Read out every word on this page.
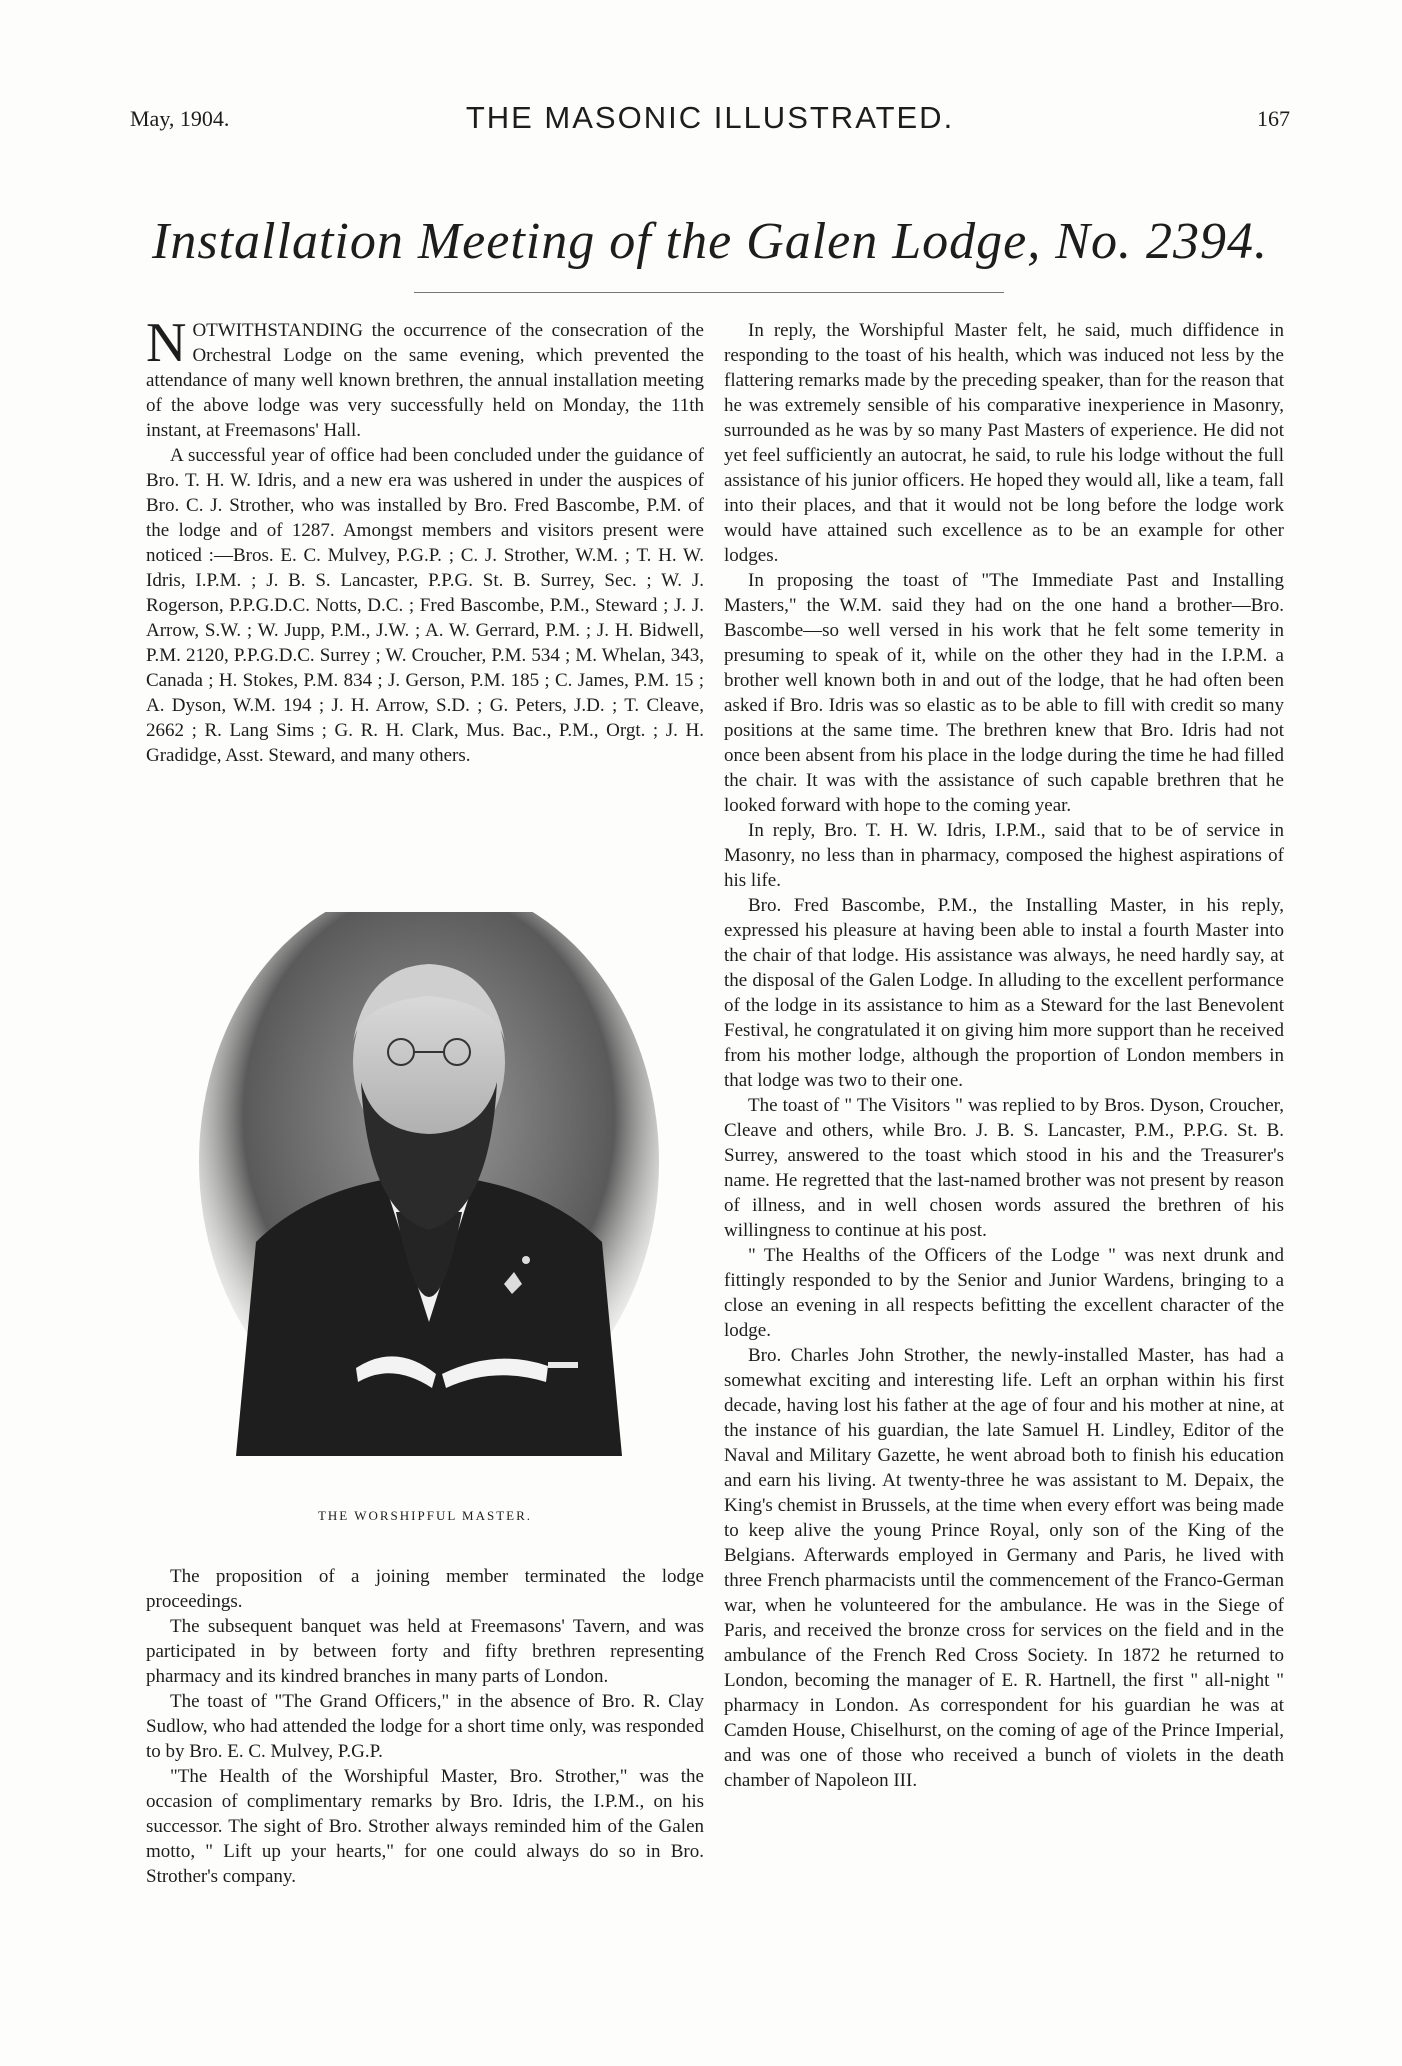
May, 1904.	THE MASONIC ILLUSTRATED.	167
Installation Meeting of the Galen Lodge, No. 2394.

NOTWITHSTANDING the occurrence of the consecration of the Orchestral Lodge on the same evening, which prevented the attendance of many well known brethren, the annual installation meeting of the above lodge was very successfully held on Monday, the 11th instant, at Freemasons' Hall.

A successful year of office had been concluded under the guidance of Bro. T. H. W. Idris, and a new era was ushered in under the auspices of Bro. C. J. Strother, who was installed by Bro. Fred Bascombe, P.M. of the lodge and of 1287. Amongst members and visitors present were noticed :—Bros. E. C. Mulvey, P.G.P. ; C. J. Strother, W.M. ; T. H. W. Idris, I.P.M. ; J. B. S. Lancaster, P.P.G. St. B. Surrey, Sec. ; W. J. Rogerson, P.P.G.D.C. Notts, D.C. ; Fred Bascombe, P.M., Steward ; J. J. Arrow, S.W. ; W. Jupp, P.M., J.W. ; A. W. Gerrard, P.M. ; J. H. Bidwell, P.M. 2120, P.P.G.D.C. Surrey ; W. Croucher, P.M. 534 ; M. Whelan, 343, Canada ; H. Stokes, P.M. 834 ; J. Gerson, P.M. 185 ; C. James, P.M. 15 ; A. Dyson, W.M. 194 ; J. H. Arrow, S.D. ; G. Peters, J.D. ; T. Cleave, 2662 ; R. Lang Sims ; G. R. H. Clark, Mus. Bac., P.M., Orgt. ; J. H. Gradidge, Asst. Steward, and many others.

THE WORSHIPFUL MASTER.

The proposition of a joining member terminated the lodge proceedings.

The subsequent banquet was held at Freemasons' Tavern, and was participated in by between forty and fifty brethren representing pharmacy and its kindred branches in many parts of London.

The toast of "The Grand Officers," in the absence of Bro. R. Clay Sudlow, who had attended the lodge for a short time only, was responded to by Bro. E. C. Mulvey, P.G.P.

"The Health of the Worshipful Master, Bro. Strother," was the occasion of complimentary remarks by Bro. Idris, the I.P.M., on his successor. The sight of Bro. Strother always reminded him of the Galen motto, " Lift up your hearts," for one could always do so in Bro. Strother's company.

In reply, the Worshipful Master felt, he said, much diffidence in responding to the toast of his health, which was induced not less by the flattering remarks made by the preceding speaker, than for the reason that he was extremely sensible of his comparative inexperience in Masonry, surrounded as he was by so many Past Masters of experience. He did not yet feel sufficiently an autocrat, he said, to rule his lodge without the full assistance of his junior officers. He hoped they would all, like a team, fall into their places, and that it would not be long before the lodge work would have attained such excellence as to be an example for other lodges.

In proposing the toast of "The Immediate Past and Installing Masters," the W.M. said they had on the one hand a brother—Bro. Bascombe—so well versed in his work that he felt some temerity in presuming to speak of it, while on the other they had in the I.P.M. a brother well known both in and out of the lodge, that he had often been asked if Bro. Idris was so elastic as to be able to fill with credit so many positions at the same time. The brethren knew that Bro. Idris had not once been absent from his place in the lodge during the time he had filled the chair. It was with the assistance of such capable brethren that he looked forward with hope to the coming year.

In reply, Bro. T. H. W. Idris, I.P.M., said that to be of service in Masonry, no less than in pharmacy, composed the highest aspirations of his life.

Bro. Fred Bascombe, P.M., the Installing Master, in his reply, expressed his pleasure at having been able to instal a fourth Master into the chair of that lodge. His assistance was always, he need hardly say, at the disposal of the Galen Lodge. In alluding to the excellent performance of the lodge in its assistance to him as a Steward for the last Benevolent Festival, he congratulated it on giving him more support than he received from his mother lodge, although the proportion of London members in that lodge was two to their one.

The toast of " The Visitors " was replied to by Bros. Dyson, Croucher, Cleave and others, while Bro. J. B. S. Lancaster, P.M., P.P.G. St. B. Surrey, answered to the toast which stood in his and the Treasurer's name. He regretted that the last-named brother was not present by reason of illness, and in well chosen words assured the brethren of his willingness to continue at his post.

" The Healths of the Officers of the Lodge " was next drunk and fittingly responded to by the Senior and Junior Wardens, bringing to a close an evening in all respects befitting the excellent character of the lodge.

Bro. Charles John Strother, the newly-installed Master, has had a somewhat exciting and interesting life. Left an orphan within his first decade, having lost his father at the age of four and his mother at nine, at the instance of his guardian, the late Samuel H. Lindley, Editor of the Naval and Military Gazette, he went abroad both to finish his education and earn his living. At twenty-three he was assistant to M. Depaix, the King's chemist in Brussels, at the time when every effort was being made to keep alive the young Prince Royal, only son of the King of the Belgians. Afterwards employed in Germany and Paris, he lived with three French pharmacists until the commencement of the Franco-German war, when he volunteered for the ambulance. He was in the Siege of Paris, and received the bronze cross for services on the field and in the ambulance of the French Red Cross Society. In 1872 he returned to London, becoming the manager of E. R. Hartnell, the first " all-night " pharmacy in London. As correspondent for his guardian he was at Camden House, Chiselhurst, on the coming of age of the Prince Imperial, and was one of those who received a bunch of violets in the death chamber of Napoleon III.
